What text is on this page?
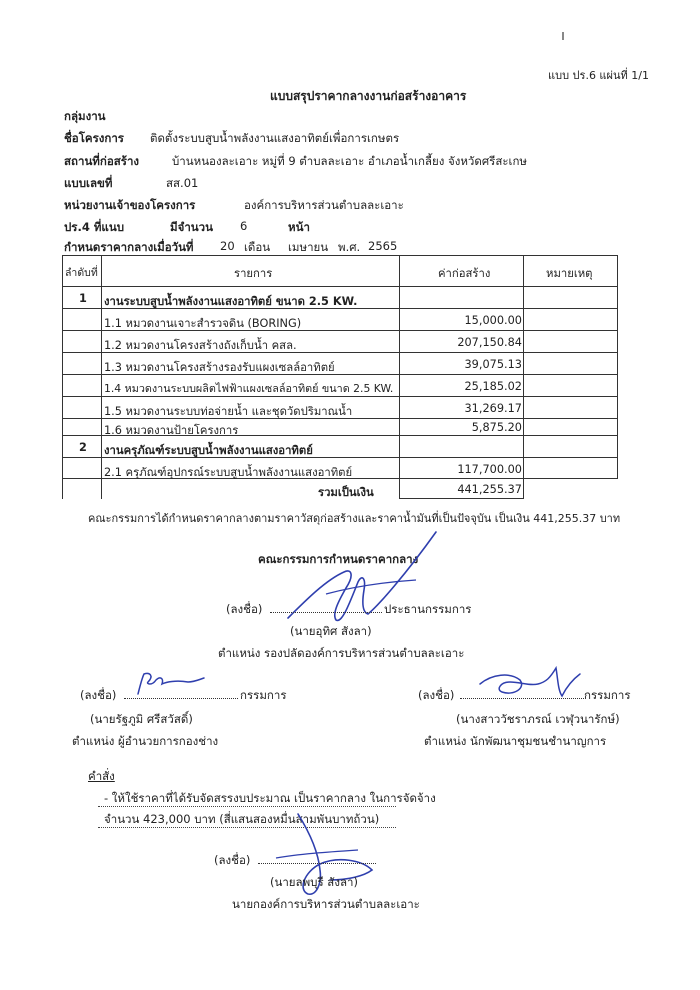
แบบ ปร.6 แผ่นที่ 1/1
แบบสรุปราคากลางงานก่อสร้างอาคาร
กลุ่มงาน
ชื่อโครงการ ติดตั้งระบบสูบน้ำพลังงานแสงอาทิตย์เพื่อการเกษตร
สถานที่ก่อสร้าง	บ้านหนองละเอาะ หมู่ที่ 9 ตำบลละเอาะ อำเภอน้ำเกลี้ยง จังหวัดศรีสะเกษ
แบบเลขที่	สส.01
หน่วยงานเจ้าของโครงการ	องค์การบริหารส่วนตำบลละเอาะ
ปร.4 ที่แนบ	มีจำนวน 6	หน้า
กำหนดราคากลางเมื่อวันที่ 20 เดือน เมษายน พ.ศ. 2565
ลำดับที่	รายการ	ค่าก่อสร้าง	หมายเหตุ
1 งานระบบสูบน้ำพลังงานแสงอาทิตย์ ขนาด 2.5 KW.
1.1 หมวดงานเจาะสำรวจดิน (BORING)	15,000.00
1.2 หมวดงานโครงสร้างถังเก็บน้ำ คสล.	207,150.84
1.3 หมวดงานโครงสร้างรองรับแผงเซลล์อาทิตย์	39,075.13
1.4 หมวดงานระบบผลิตไฟฟ้าแผงเซลล์อาทิตย์ ขนาด 2.5 KW.	25,185.02
1.5 หมวดงานระบบท่อจ่ายน้ำ และชุดวัดปริมาณน้ำ	31,269.17
1.6 หมวดงานป้ายโครงการ	5,875.20
2 งานครุภัณฑ์ระบบสูบน้ำพลังงานแสงอาทิตย์
2.1 ครุภัณฑ์อุปกรณ์ระบบสูบน้ำพลังงานแสงอาทิตย์	117,700.00
รวมเป็นเงิน	441,255.37
คณะกรรมการได้กำหนดราคากลางตามราคาวัสดุก่อสร้างและราคาน้ำมันที่เป็นปัจจุบัน เป็นเงิน 441,255.37 บาท
คณะกรรมการกำหนดราคากลาง
(ลงชื่อ)	ประธานกรรมการ
(นายอุทิศ สังลา)
ตำแหน่ง รองปลัดองค์การบริหารส่วนตำบลละเอาะ
(ลงชื่อ)	กรรมการ
(นายรัฐภูมิ ศรีสวัสดิ์)
ตำแหน่ง ผู้อำนวยการกองช่าง
(ลงชื่อ)	กรรมการ
(นางสาววัชราภรณ์ เวฬุวนารักษ์)
ตำแหน่ง นักพัฒนาชุมชนชำนาญการ
คำสั่ง
- ให้ใช้ราคาที่ได้รับจัดสรรงบประมาณ เป็นราคากลาง ในการจัดจ้าง
จำนวน 423,000 บาท (สี่แสนสองหมื่นสามพันบาทถ้วน)
(ลงชื่อ)
(นายลพบุรี สังลา)
นายกองค์การบริหารส่วนตำบลละเอาะ
